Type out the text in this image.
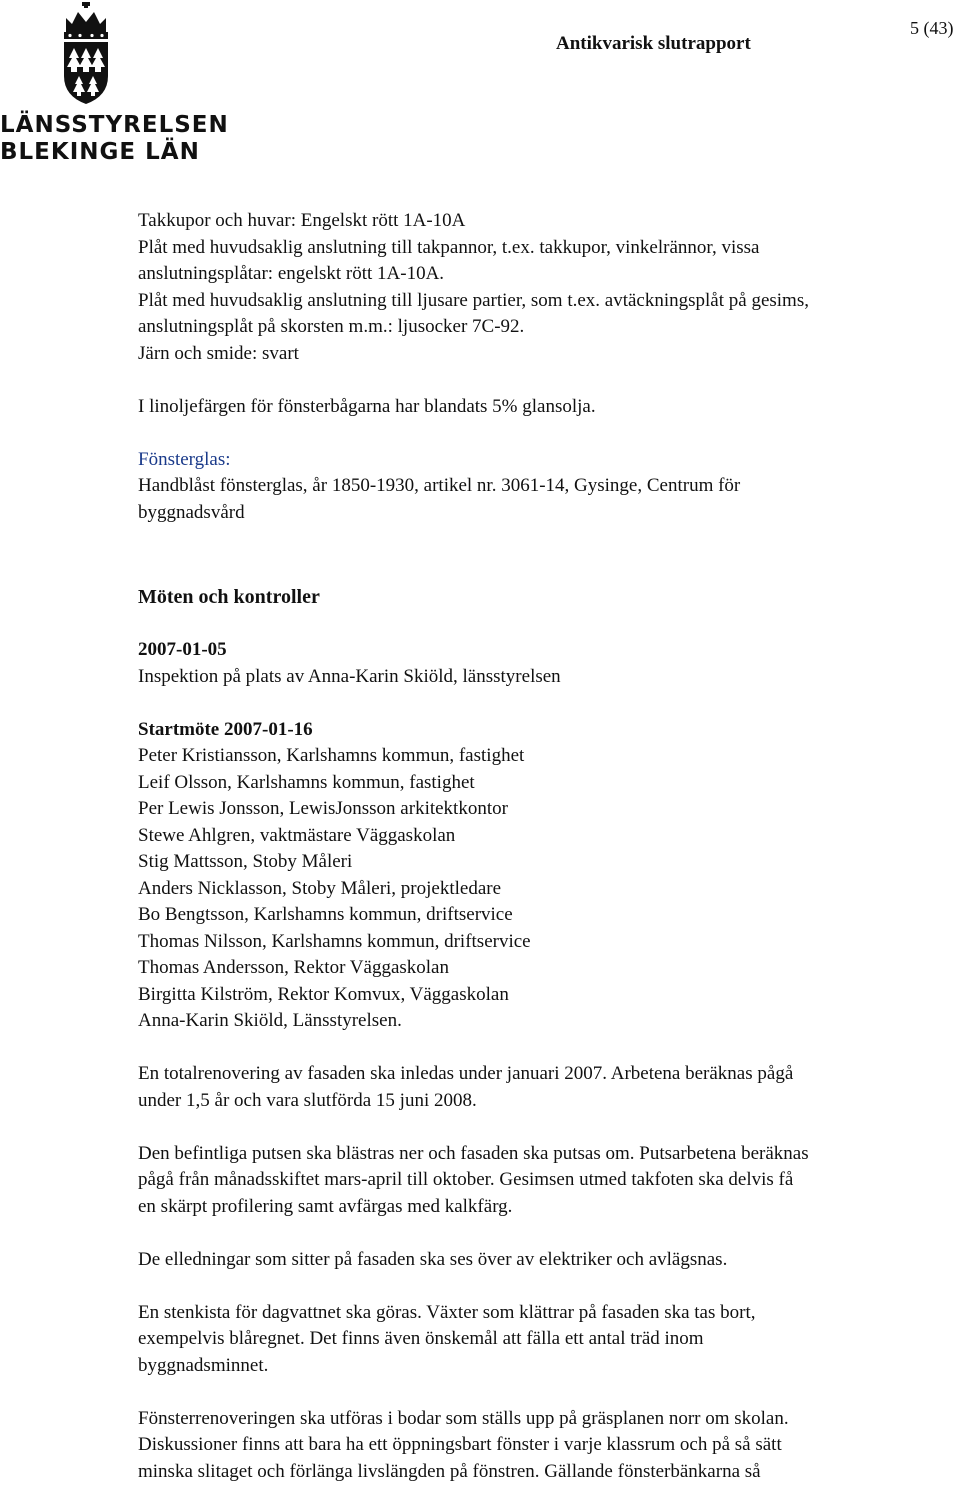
LÄNSSTYRELSEN
BLEKINGE LÄN
Antikvarisk slutrapport
5 (43)
Takkupor och huvar: Engelskt rött 1A-10A
Plåt med huvudsaklig anslutning till takpannor, t.ex. takkupor, vinkelrännor, vissa
anslutningsplåtar: engelskt rött 1A-10A.
Plåt med huvudsaklig anslutning till ljusare partier, som t.ex. avtäckningsplåt på gesims,
anslutningsplåt på skorsten m.m.: ljusocker 7C-92.
Järn och smide: svart
I linoljefärgen för fönsterbågarna har blandats 5% glansolja.
Fönsterglas:
Handblåst fönsterglas, år 1850-1930, artikel nr. 3061-14, Gysinge, Centrum för
byggnadsvård
Möten och kontroller
2007-01-05
Inspektion på plats av Anna-Karin Skiöld, länsstyrelsen
Startmöte 2007-01-16
Peter Kristiansson, Karlshamns kommun, fastighet
Leif Olsson, Karlshamns kommun, fastighet
Per Lewis Jonsson, LewisJonsson arkitektkontor
Stewe Ahlgren, vaktmästare Väggaskolan
Stig Mattsson, Stoby Måleri
Anders Nicklasson, Stoby Måleri, projektledare
Bo Bengtsson, Karlshamns kommun, driftservice
Thomas Nilsson, Karlshamns kommun, driftservice
Thomas Andersson, Rektor Väggaskolan
Birgitta Kilström, Rektor Komvux, Väggaskolan
Anna-Karin Skiöld, Länsstyrelsen.
En totalrenovering av fasaden ska inledas under januari 2007. Arbetena beräknas pågå
under 1,5 år och vara slutförda 15 juni 2008.
Den befintliga putsen ska blästras ner och fasaden ska putsas om. Putsarbetena beräknas
pågå från månadsskiftet mars-april till oktober. Gesimsen utmed takfoten ska delvis få
en skärpt profilering samt avfärgas med kalkfärg.
De elledningar som sitter på fasaden ska ses över av elektriker och avlägsnas.
En stenkista för dagvattnet ska göras. Växter som klättrar på fasaden ska tas bort,
exempelvis blåregnet. Det finns även önskemål att fälla ett antal träd inom
byggnadsminnet.
Fönsterrenoveringen ska utföras i bodar som ställs upp på gräsplanen norr om skolan.
Diskussioner finns att bara ha ett öppningsbart fönster i varje klassrum och på så sätt
minska slitaget och förlänga livslängden på fönstren. Gällande fönsterbänkarna så
